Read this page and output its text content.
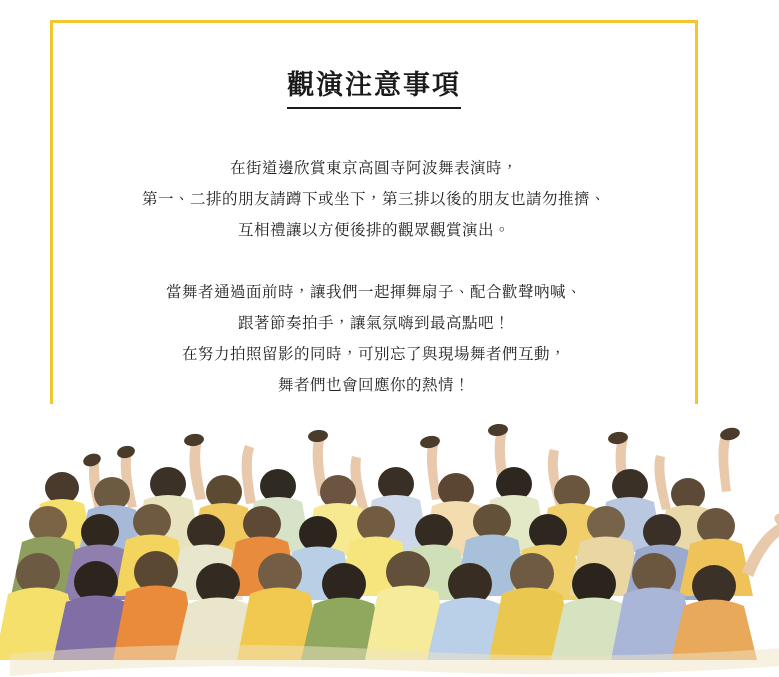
觀演注意事項

在街道邊欣賞東京高圓寺阿波舞表演時，

第一、二排的朋友請蹲下或坐下，第三排以後的朋友也請勿推擠、

互相禮讓以方便後排的觀眾觀賞演出。

當舞者通過面前時，讓我們一起揮舞扇子、配合歡聲吶喊、

跟著節奏拍手，讓氣氛嗨到最高點吧！

在努力拍照留影的同時，可別忘了與現場舞者們互動，

舞者們也會回應你的熱情！
